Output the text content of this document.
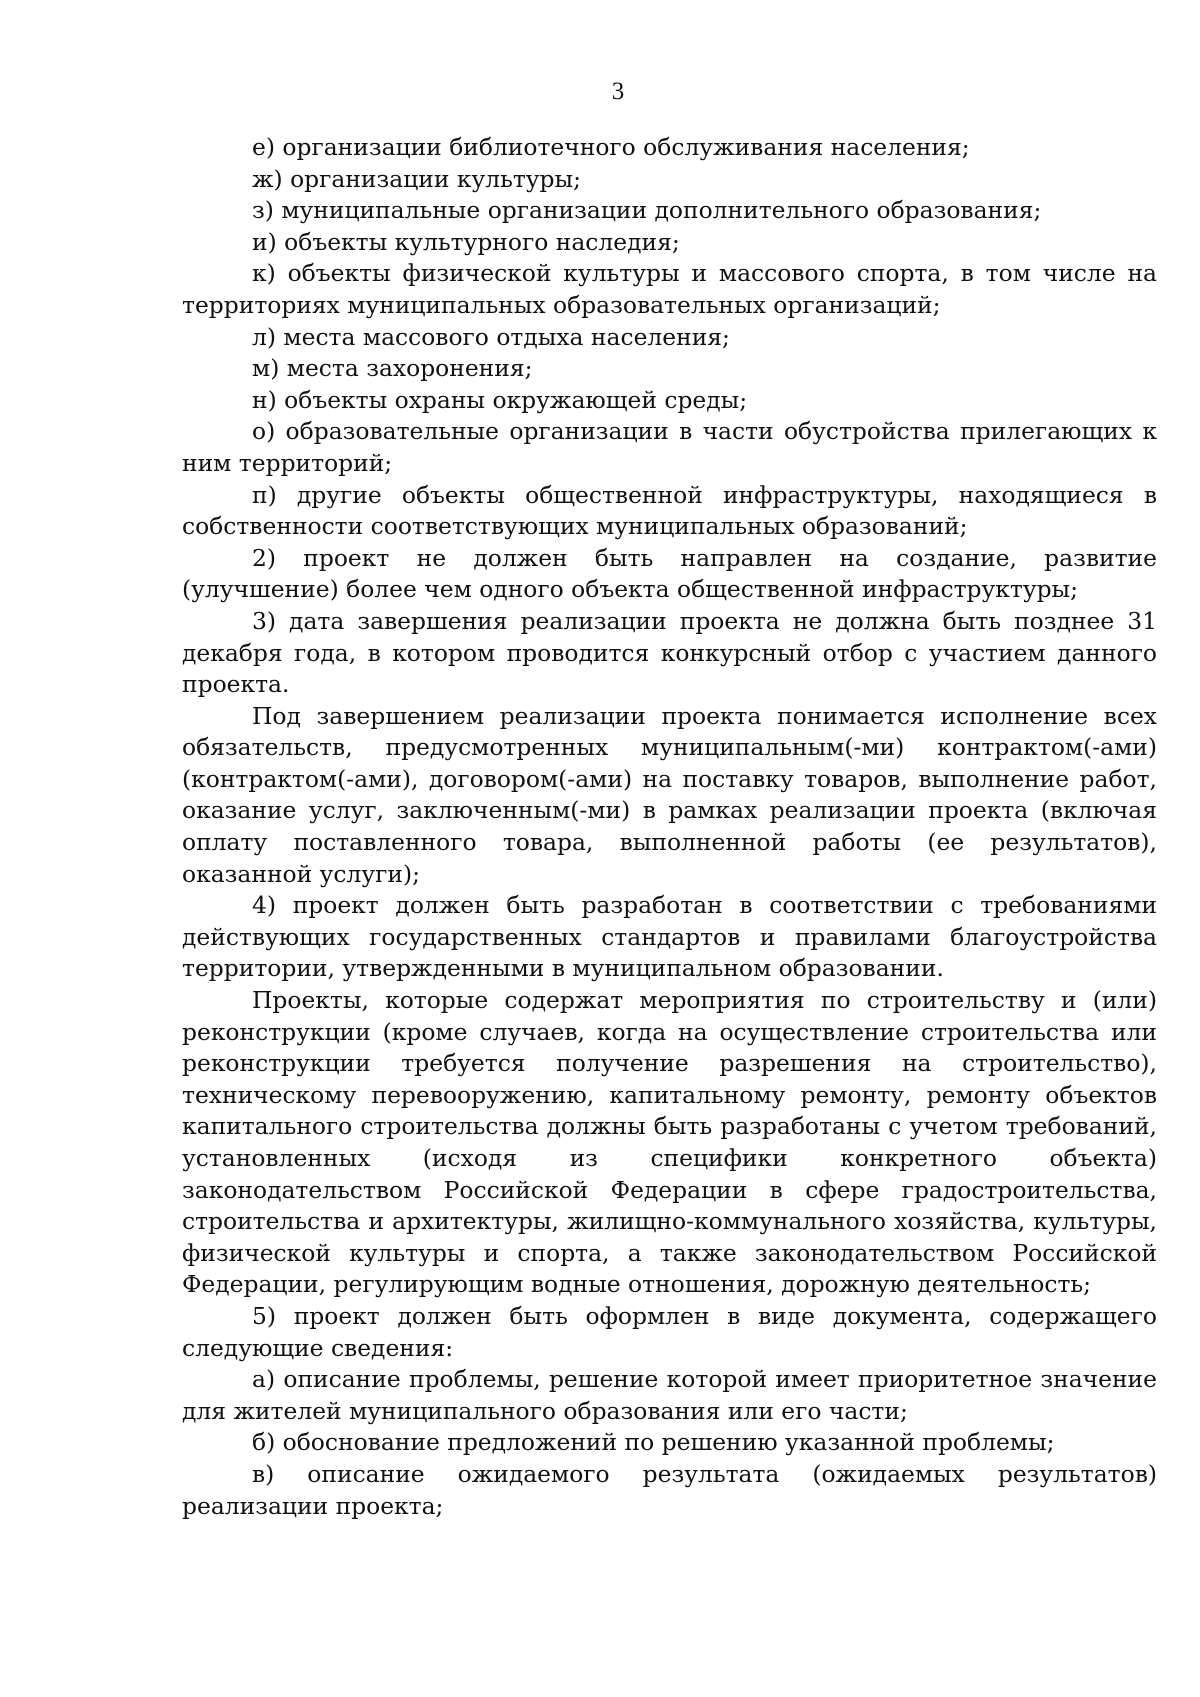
3

е) организации библиотечного обслуживания населения;

ж) организации культуры;

з) муниципальные организации дополнительного образования;

и) объекты культурного наследия;

к) объекты физической культуры и массового спорта, в том числе на территориях муниципальных образовательных организаций;

л) места массового отдыха населения;

м) места захоронения;

н) объекты охраны окружающей среды;

о) образовательные организации в части обустройства прилегающих к ним территорий;

п) другие объекты общественной инфраструктуры, находящиеся в собственности соответствующих муниципальных образований;

2) проект не должен быть направлен на создание, развитие (улучшение) более чем одного объекта общественной инфраструктуры;

3) дата завершения реализации проекта не должна быть позднее 31 декабря года, в котором проводится конкурсный отбор с участием данного проекта.

Под завершением реализации проекта понимается исполнение всех обязательств, предусмотренных муниципальным(-ми) контрактом(-ами) (контрактом(-ами), договором(-ами) на поставку товаров, выполнение работ, оказание услуг, заключенным(-ми) в рамках реализации проекта (включая оплату поставленного товара, выполненной работы (ее результатов), оказанной услуги);

4) проект должен быть разработан в соответствии с требованиями действующих государственных стандартов и правилами благоустройства территории, утвержденными в муниципальном образовании.

Проекты, которые содержат мероприятия по строительству и (или) реконструкции (кроме случаев, когда на осуществление строительства или реконструкции требуется получение разрешения на строительство), техническому перевооружению, капитальному ремонту, ремонту объектов капитального строительства должны быть разработаны с учетом требований, установленных (исходя из специфики конкретного объекта) законодательством Российской Федерации в сфере градостроительства, строительства и архитектуры, жилищно-коммунального хозяйства, культуры, физической культуры и спорта, а также законодательством Российской Федерации, регулирующим водные отношения, дорожную деятельность;

5) проект должен быть оформлен в виде документа, содержащего следующие сведения:

а) описание проблемы, решение которой имеет приоритетное значение для жителей муниципального образования или его части;

б) обоснование предложений по решению указанной проблемы;

в) описание ожидаемого результата (ожидаемых результатов) реализации проекта;
